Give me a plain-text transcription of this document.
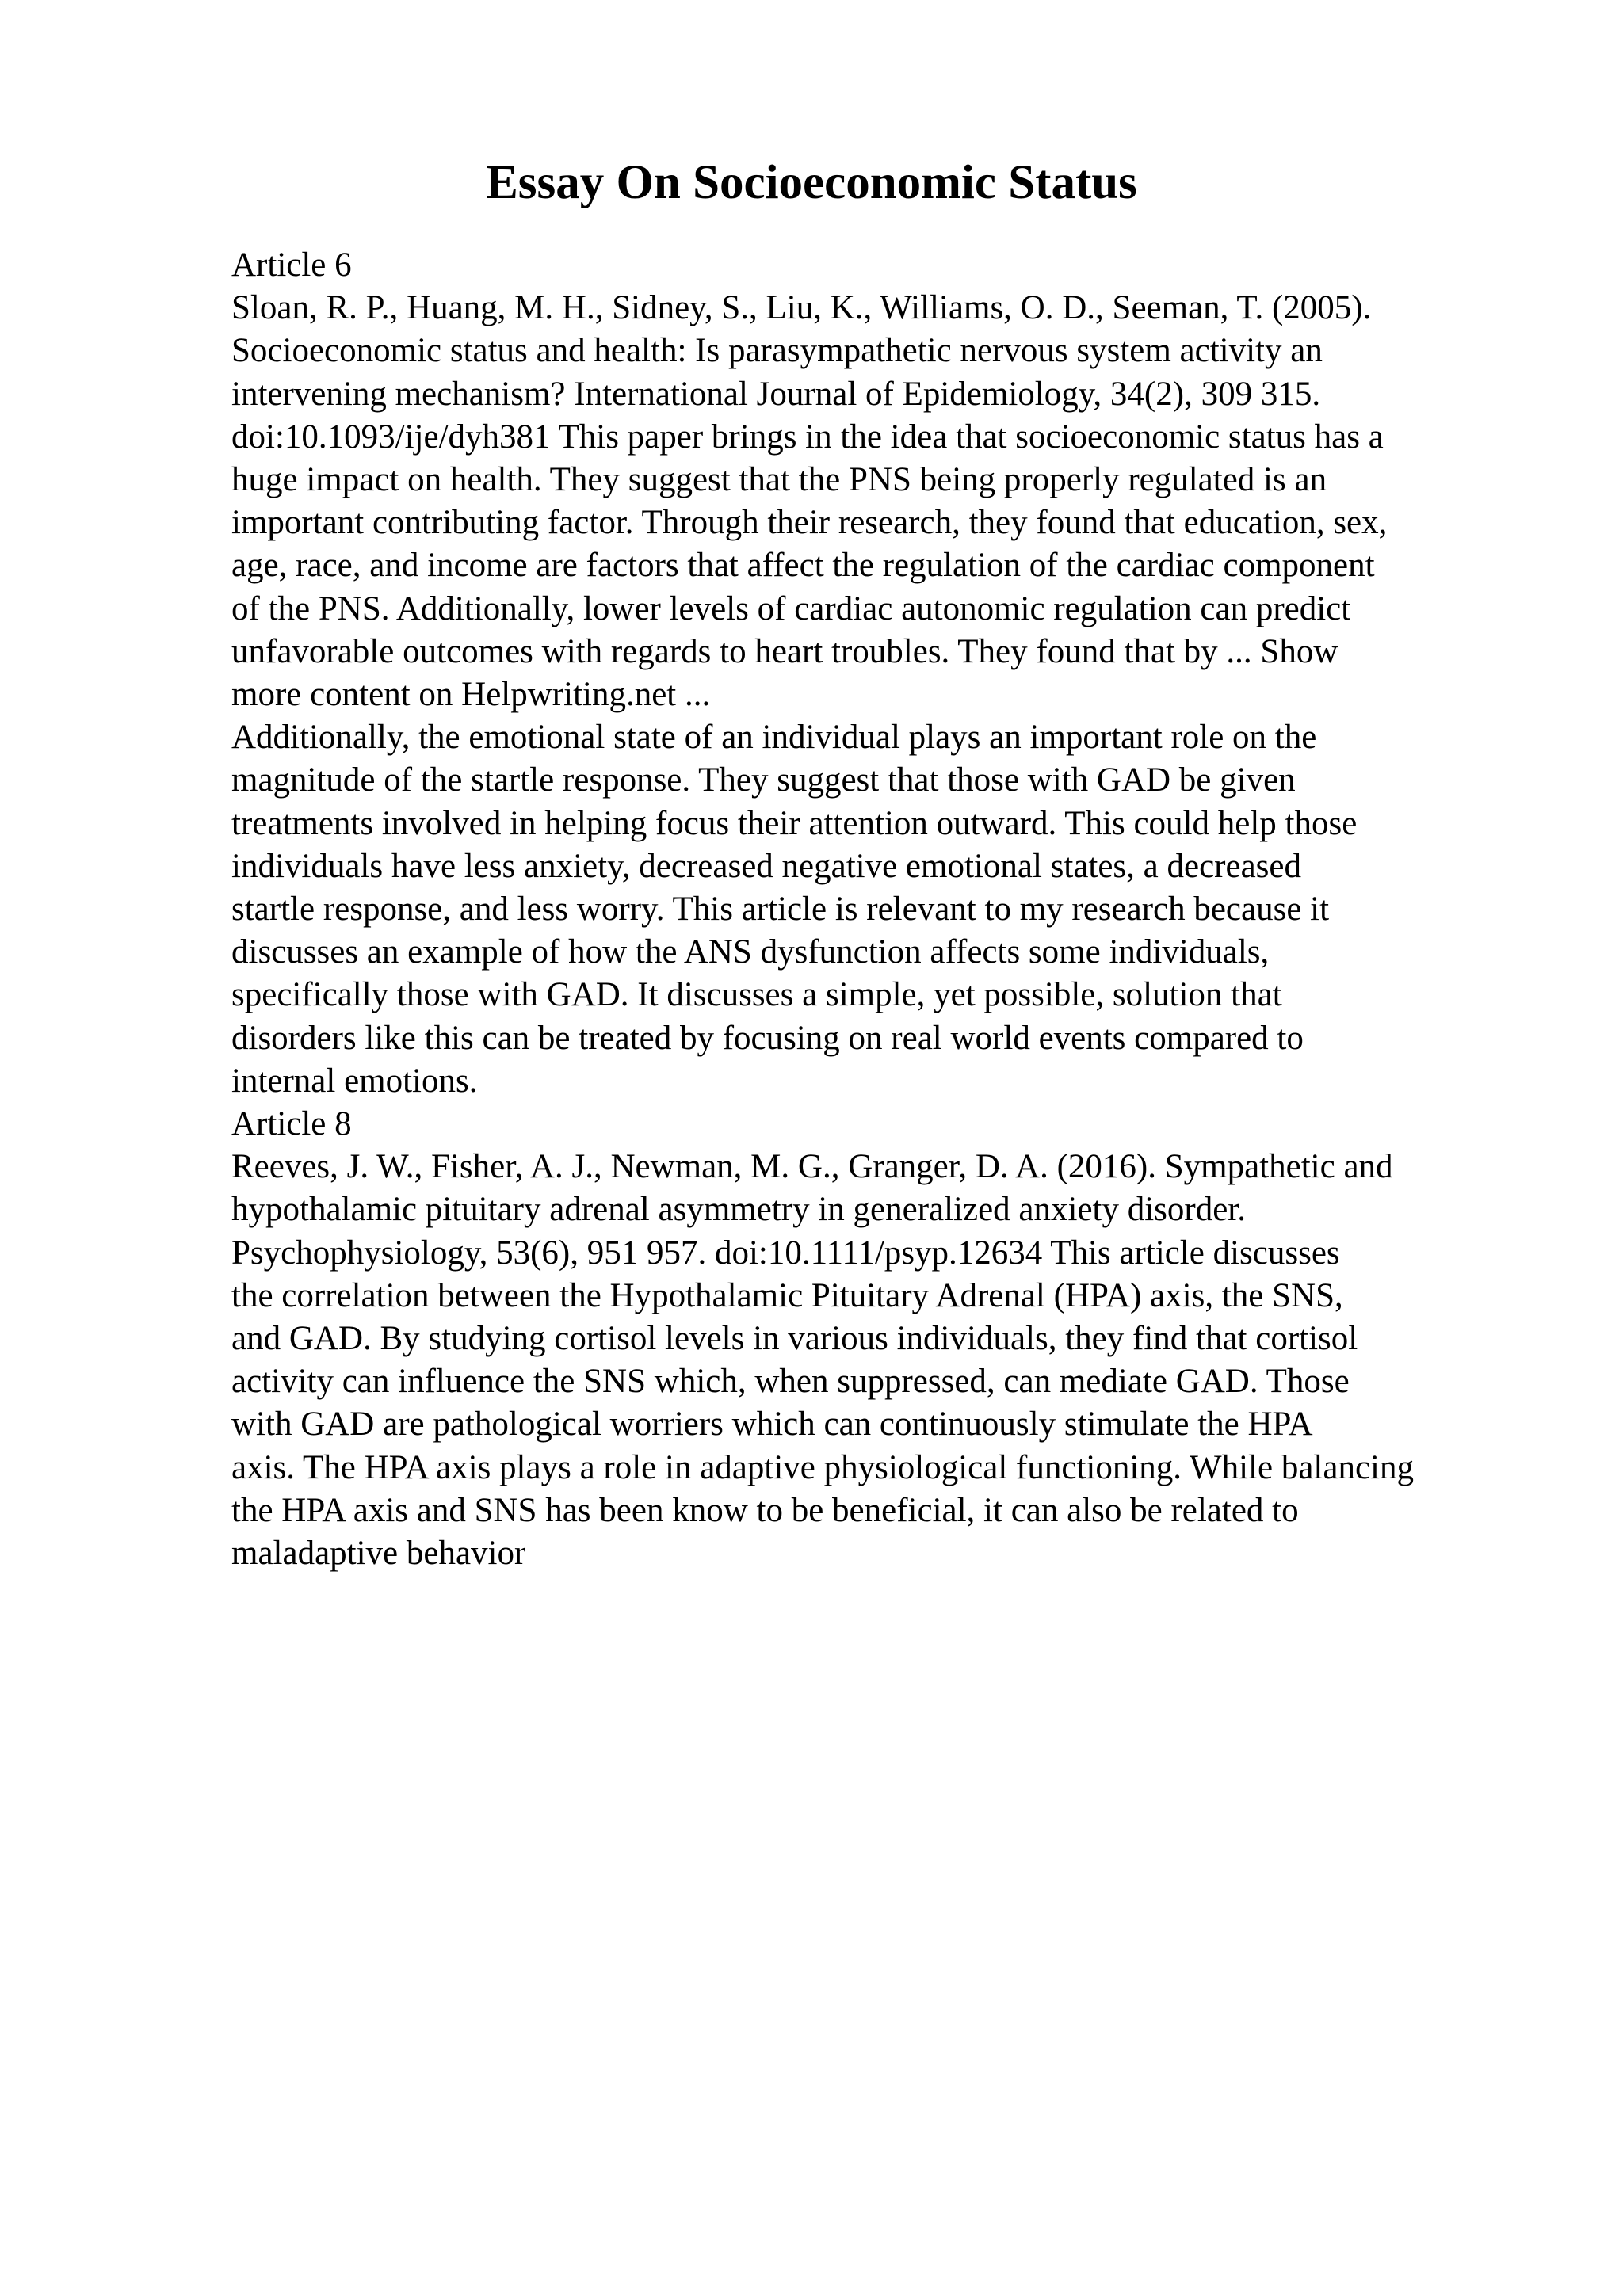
Essay On Socioeconomic Status
Article 6
Sloan, R. P., Huang, M. H., Sidney, S., Liu, K., Williams, O. D., Seeman, T. (2005).
Socioeconomic status and health: Is parasympathetic nervous system activity an
intervening mechanism? International Journal of Epidemiology, 34(2), 309 315.
doi:10.1093/ije/dyh381 This paper brings in the idea that socioeconomic status has a
huge impact on health. They suggest that the PNS being properly regulated is an
important contributing factor. Through their research, they found that education, sex,
age, race, and income are factors that affect the regulation of the cardiac component
of the PNS. Additionally, lower levels of cardiac autonomic regulation can predict
unfavorable outcomes with regards to heart troubles. They found that by ... Show
more content on Helpwriting.net ...
Additionally, the emotional state of an individual plays an important role on the
magnitude of the startle response. They suggest that those with GAD be given
treatments involved in helping focus their attention outward. This could help those
individuals have less anxiety, decreased negative emotional states, a decreased
startle response, and less worry. This article is relevant to my research because it
discusses an example of how the ANS dysfunction affects some individuals,
specifically those with GAD. It discusses a simple, yet possible, solution that
disorders like this can be treated by focusing on real world events compared to
internal emotions.
Article 8
Reeves, J. W., Fisher, A. J., Newman, M. G., Granger, D. A. (2016). Sympathetic and
hypothalamic pituitary adrenal asymmetry in generalized anxiety disorder.
Psychophysiology, 53(6), 951 957. doi:10.1111/psyp.12634 This article discusses
the correlation between the Hypothalamic Pituitary Adrenal (HPA) axis, the SNS,
and GAD. By studying cortisol levels in various individuals, they find that cortisol
activity can influence the SNS which, when suppressed, can mediate GAD. Those
with GAD are pathological worriers which can continuously stimulate the HPA
axis. The HPA axis plays a role in adaptive physiological functioning. While balancing
the HPA axis and SNS has been know to be beneficial, it can also be related to
maladaptive behavior
